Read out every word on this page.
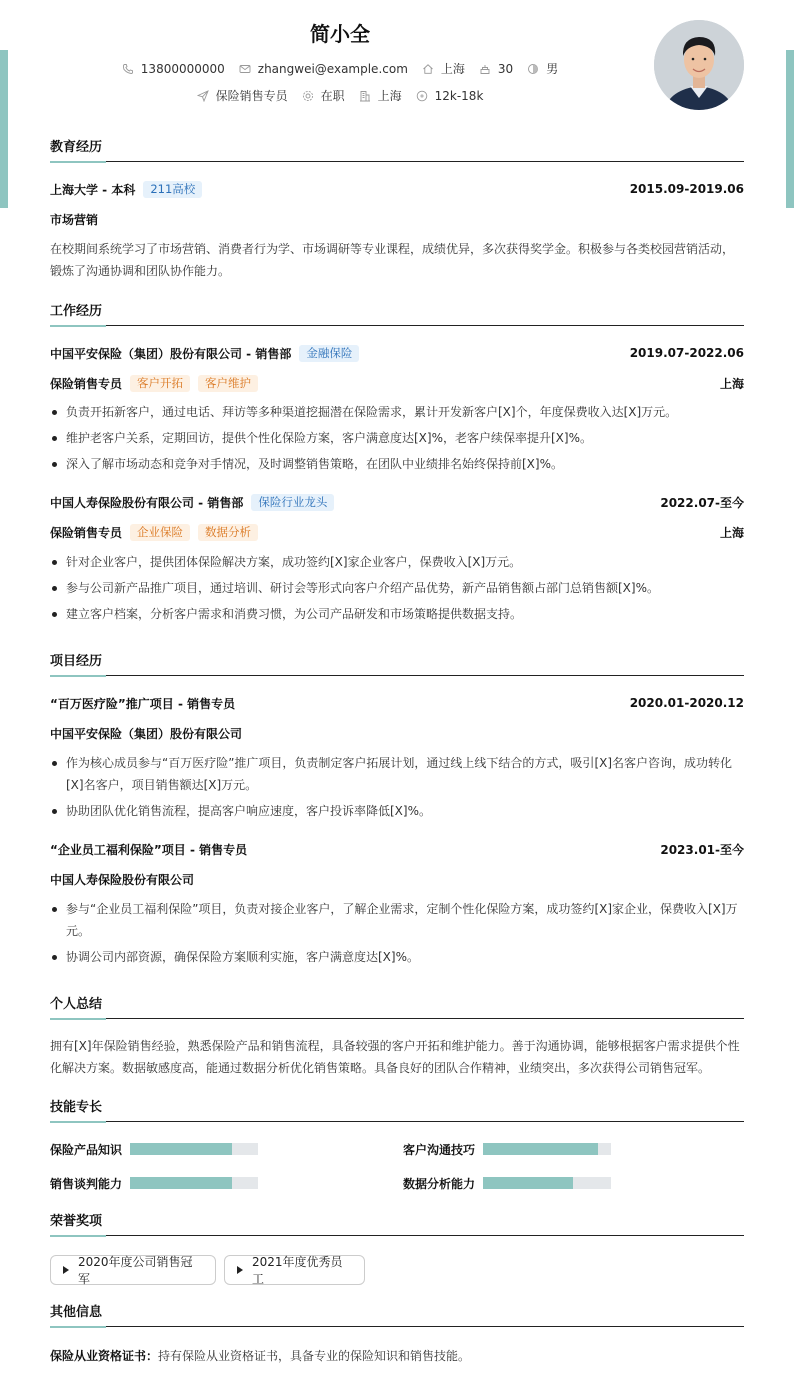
简小全
13800000000	zhangwei@example.com	上海	30	男
保险销售专员	在职	上海	12k-18k
教育经历
上海大学 - 本科	211高校	2015.09-2019.06
市场营销
在校期间系统学习了市场营销、消费者行为学、市场调研等专业课程，成绩优异，多次获得奖学金。积极参与各类校园营销活动，锻炼了沟通协调和团队协作能力。
工作经历
中国平安保险（集团）股份有限公司 - 销售部	金融保险	2019.07-2022.06
保险销售专员	客户开拓	客户维护	上海
负责开拓新客户，通过电话、拜访等多种渠道挖掘潜在保险需求，累计开发新客户[X]个，年度保费收入达[X]万元。
维护老客户关系，定期回访，提供个性化保险方案，客户满意度达[X]%，老客户续保率提升[X]%。
深入了解市场动态和竞争对手情况，及时调整销售策略，在团队中业绩排名始终保持前[X]%。
中国人寿保险股份有限公司 - 销售部	保险行业龙头	2022.07-至今
保险销售专员	企业保险	数据分析	上海
针对企业客户，提供团体保险解决方案，成功签约[X]家企业客户，保费收入[X]万元。
参与公司新产品推广项目，通过培训、研讨会等形式向客户介绍产品优势，新产品销售额占部门总销售额[X]%。
建立客户档案，分析客户需求和消费习惯，为公司产品研发和市场策略提供数据支持。
项目经历
“百万医疗险”推广项目 - 销售专员	2020.01-2020.12
中国平安保险（集团）股份有限公司
作为核心成员参与“百万医疗险”推广项目，负责制定客户拓展计划，通过线上线下结合的方式，吸引[X]名客户咨询，成功转化[X]名客户，项目销售额达[X]万元。
协助团队优化销售流程，提高客户响应速度，客户投诉率降低[X]%。
“企业员工福利保险”项目 - 销售专员	2023.01-至今
中国人寿保险股份有限公司
参与“企业员工福利保险”项目，负责对接企业客户，了解企业需求，定制个性化保险方案，成功签约[X]家企业，保费收入[X]万元。
协调公司内部资源，确保保险方案顺利实施，客户满意度达[X]%。
个人总结
拥有[X]年保险销售经验，熟悉保险产品和销售流程，具备较强的客户开拓和维护能力。善于沟通协调，能够根据客户需求提供个性化解决方案。数据敏感度高，能通过数据分析优化销售策略。具备良好的团队合作精神，业绩突出，多次获得公司销售冠军。
技能专长
保险产品知识	客户沟通技巧
销售谈判能力	数据分析能力
荣誉奖项
2020年度公司销售冠军
2021年度优秀员工
其他信息
保险从业资格证书：持有保险从业资格证书，具备专业的保险知识和销售技能。
